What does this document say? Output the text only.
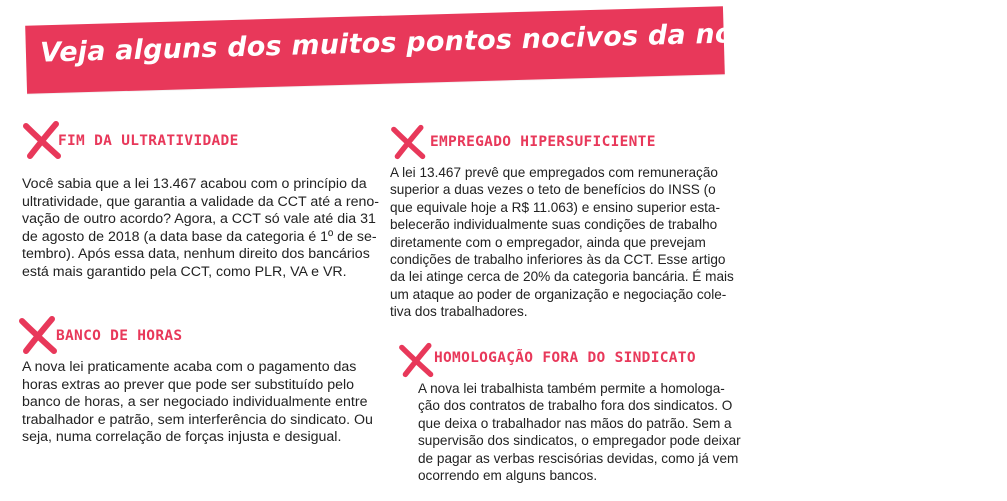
Veja alguns dos muitos pontos nocivos da nova lei trabalhista:
FIM DA ULTRATIVIDADE
Você sabia que a lei 13.467 acabou com o princípio da
ultratividade, que garantia a validade da CCT até a reno-
vação de outro acordo? Agora, a CCT só vale até dia 31
de agosto de 2018 (a data base da categoria é 1º de se-
tembro). Após essa data, nenhum direito dos bancários
está mais garantido pela CCT, como PLR, VA e VR.
BANCO DE HORAS
A nova lei praticamente acaba com o pagamento das
horas extras ao prever que pode ser substituído pelo
banco de horas, a ser negociado individualmente entre
trabalhador e patrão, sem interferência do sindicato. Ou
seja, numa correlação de forças injusta e desigual.
EMPREGADO HIPERSUFICIENTE
A lei 13.467 prevê que empregados com remuneração
superior a duas vezes o teto de benefícios do INSS (o
que equivale hoje a R$ 11.063) e ensino superior esta-
belecerão individualmente suas condições de trabalho
diretamente com o empregador, ainda que prevejam
condições de trabalho inferiores às da CCT. Esse artigo
da lei atinge cerca de 20% da categoria bancária. É mais
um ataque ao poder de organização e negociação cole-
tiva dos trabalhadores.
HOMOLOGAÇÃO FORA DO SINDICATO
A nova lei trabalhista também permite a homologa-
ção dos contratos de trabalho fora dos sindicatos. O
que deixa o trabalhador nas mãos do patrão. Sem a
supervisão dos sindicatos, o empregador pode deixar
de pagar as verbas rescisórias devidas, como já vem
ocorrendo em alguns bancos.
